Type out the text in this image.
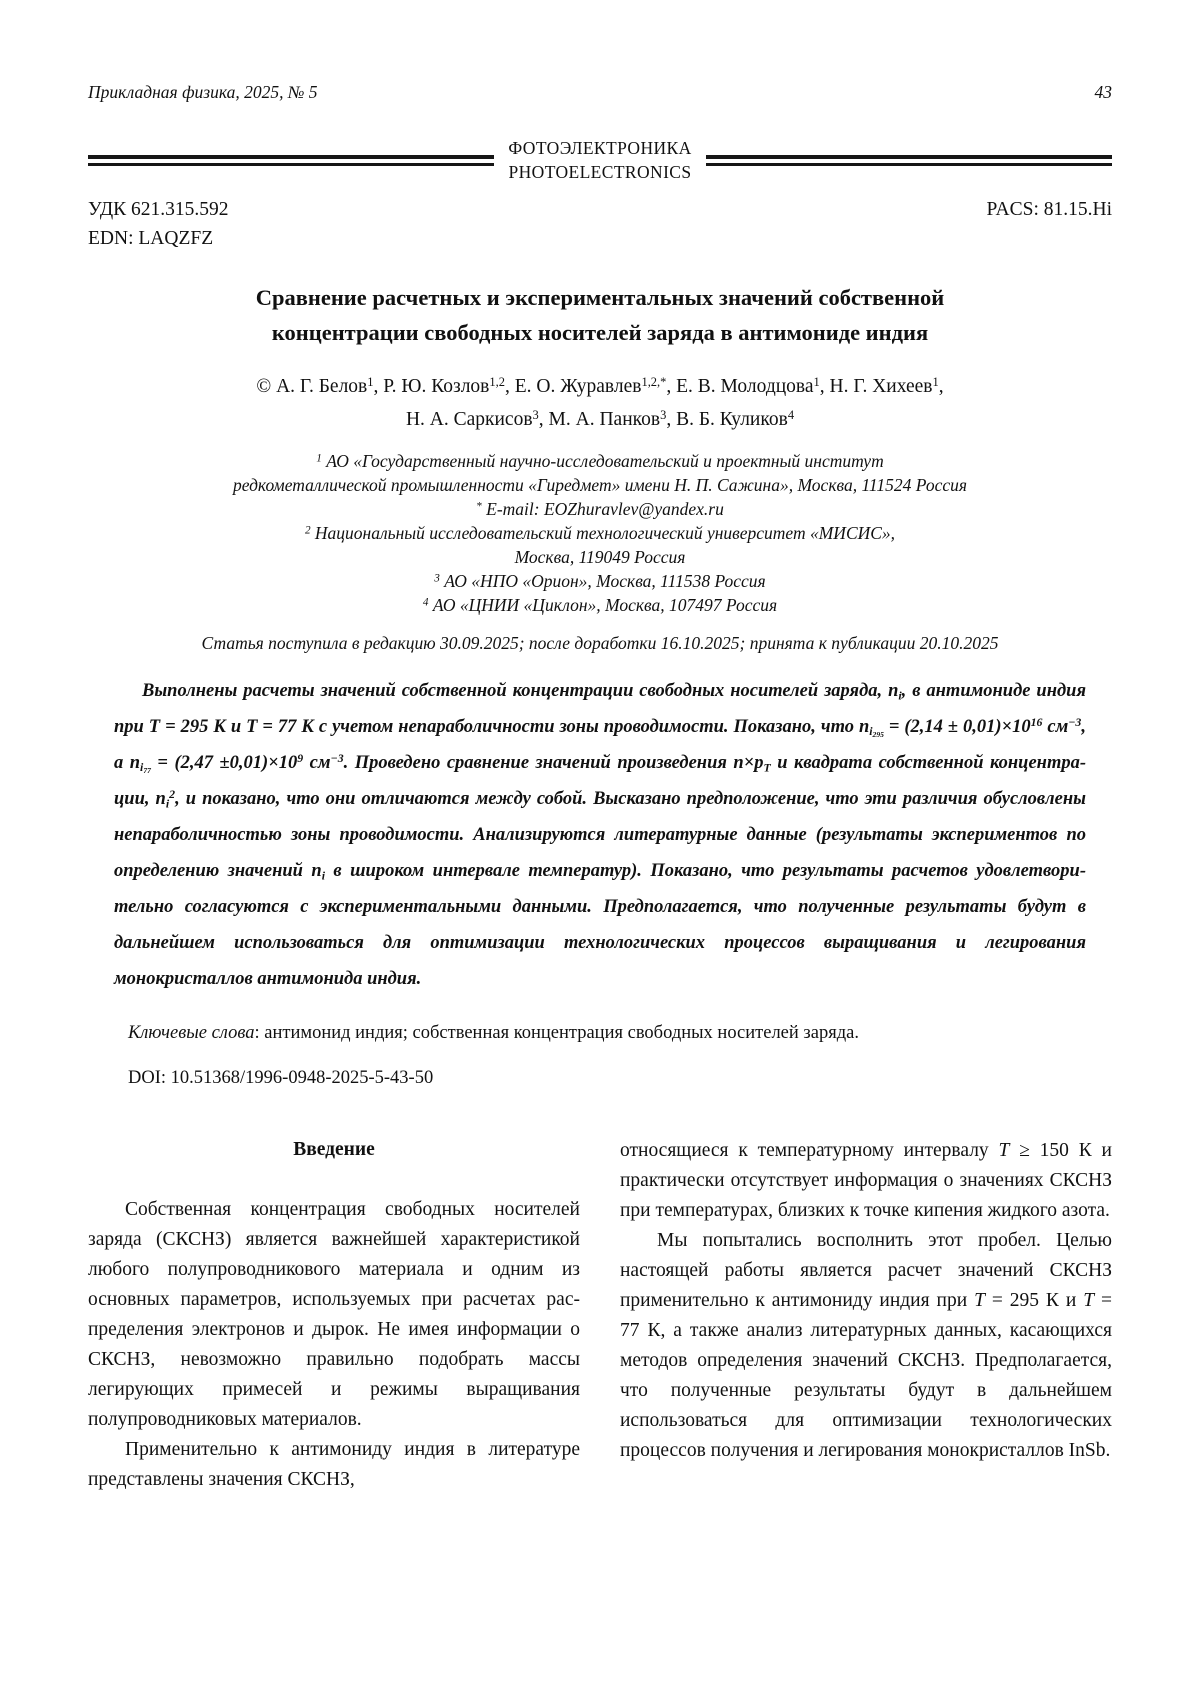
Прикладная физика, 2025, № 5	43
ФОТОЭЛЕКТРОНИКА
PHOTOELECTRONICS
УДК 621.315.592	PACS: 81.15.Hi
EDN: LAQZFZ
Сравнение расчетных и экспериментальных значений собственной
концентрации свободных носителей заряда в антимониде индия
© А. Г. Белов$^1$, Р. Ю. Козлов$^{1,2}$, Е. О. Журавлев$^{1,2,*}$, Е. В. Молодцова$^1$, Н. Г. Хихеев$^1$,
Н. А. Саркисов$^3$, М. А. Панков$^3$, В. Б. Куликов$^4$
$^1$ АО «Государственный научно-исследовательский и проектный институт
редкометаллической промышленности «Гиредмет» имени Н. П. Сажина», Москва, 111524 Россия
* E-mail: EOZhuravlev@yandex.ru
$^2$ Национальный исследовательский технологический университет «МИСИС»,
Москва, 119049 Россия
$^3$ АО «НПО «Орион», Москва, 111538 Россия
$^4$ АО «ЦНИИ «Циклон», Москва, 107497 Россия
Статья поступила в редакцию 30.09.2025; после доработки 16.10.2025; принята к публикации 20.10.2025

Выполнены расчеты значений собственной концентрации свободных носителей заряда, $n_i$, в антимониде индия при T = 295 К и T = 77 К с учетом непараболичности зоны проводимости. Показано, что $n_{i_{295}} = (2,14 \pm 0,01)\times 10^{16}$ $см^{-3}$, а $n_{i_{77}} = (2,47 \pm 0,01)\times 10^9$ $см^{-3}$. Проведено сравнение значений произведения $n\times p_T$ и квадрата собственной концентрации, $n_i^2$, и показано, что они отличаются между собой. Высказано предположение, что эти различия обусловлены непараболичностью зоны проводимости. Анализируются литературные данные (результаты экспериментов по определению значений $n_i$ в широком интервале температур). Показано, что результаты расчетов удовлетворительно согласуются с экспериментальными данными. Предполагается, что полученные результаты будут в дальнейшем использоваться для оптимизации технологических процессов выращивания и легирования монокристаллов антимонида индия.

Ключевые слова: антимонид индия; собственная концентрация свободных носителей заряда.

DOI: 10.51368/1996-0948-2025-5-43-50

Введение

Собственная концентрация свободных носителей заряда (СКСНЗ) является важнейшей характеристикой любого полупроводникового материала и одним из основных параметров, используемых при расчетах распределения электронов и дырок. Не имея информации о СКСНЗ, невозможно правильно подобрать массы легирующих примесей и режимы выращивания полупроводниковых материалов.

Применительно к антимониду индия в литературе представлены значения СКСНЗ,

относящиеся к температурному интервалу T ≥ 150 К и практически отсутствует информация о значениях СКСНЗ при температурах, близких к точке кипения жидкого азота.

Мы попытались восполнить этот пробел. Целью настоящей работы является расчет значений СКСНЗ применительно к антимониду индия при T = 295 К и T = 77 К, а также анализ литературных данных, касающихся методов определения значений СКСНЗ. Предполагается, что полученные результаты будут в дальнейшем использоваться для оптимизации технологических процессов получения и легирования монокристаллов InSb.
